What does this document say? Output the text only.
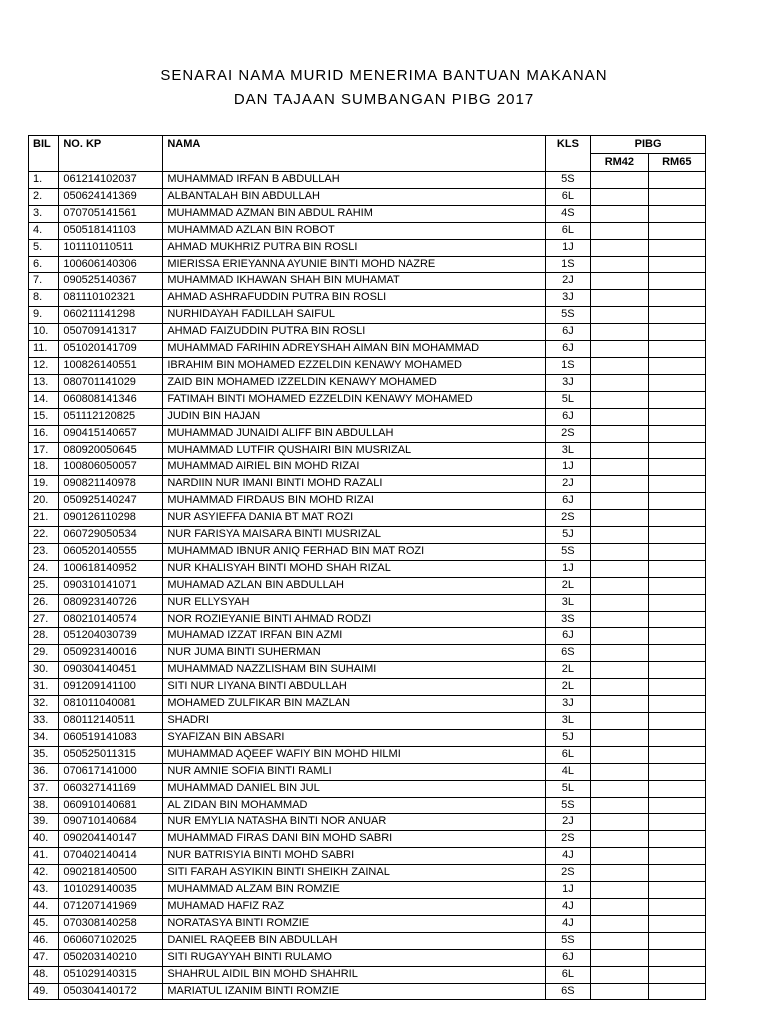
SENARAI NAMA MURID MENERIMA BANTUAN MAKANAN
DAN TAJAAN SUMBANGAN PIBG 2017
BIL	NO. KP	NAMA	KLS	PIBG	
				RM42	RM65
1.	061214102037	MUHAMMAD IRFAN B ABDULLAH	5S		
2.	050624141369	ALBANTALAH BIN ABDULLAH	6L		
3.	070705141561	MUHAMMAD AZMAN BIN ABDUL RAHIM	4S		
4.	050518141103	MUHAMMAD AZLAN BIN ROBOT	6L		
5.	101110110511	AHMAD MUKHRIZ PUTRA BIN ROSLI	1J		
6.	100606140306	MIERISSA ERIEYANNA AYUNIE BINTI MOHD NAZRE	1S		
7.	090525140367	MUHAMMAD IKHAWAN SHAH BIN MUHAMAT	2J		
8.	081110102321	AHMAD ASHRAFUDDIN PUTRA BIN ROSLI	3J		
9.	060211141298	NURHIDAYAH FADILLAH SAIFUL	5S		
10.	050709141317	AHMAD FAIZUDDIN PUTRA BIN ROSLI	6J		
11.	051020141709	MUHAMMAD FARIHIN ADREYSHAH AIMAN BIN MOHAMMAD	6J		
12.	100826140551	IBRAHIM BIN MOHAMED EZZELDIN KENAWY MOHAMED	1S		
13.	080701141029	ZAID BIN MOHAMED IZZELDIN KENAWY MOHAMED	3J		
14.	060808141346	FATIMAH BINTI MOHAMED EZZELDIN KENAWY MOHAMED	5L		
15.	051112120825	JUDIN BIN HAJAN	6J		
16.	090415140657	MUHAMMAD JUNAIDI ALIFF BIN ABDULLAH	2S		
17.	080920050645	MUHAMMAD LUTFIR QUSHAIRI BIN MUSRIZAL	3L		
18.	100806050057	MUHAMMAD AIRIEL BIN MOHD RIZAI	1J		
19.	090821140978	NARDIIN NUR IMANI BINTI MOHD RAZALI	2J		
20.	050925140247	MUHAMMAD FIRDAUS BIN MOHD RIZAI	6J		
21.	090126110298	NUR ASYIEFFA DANIA BT MAT ROZI	2S		
22.	060729050534	NUR FARISYA MAISARA BINTI MUSRIZAL	5J		
23.	060520140555	MUHAMMAD IBNUR ANIQ FERHAD BIN MAT ROZI	5S		
24.	100618140952	NUR KHALISYAH BINTI MOHD SHAH RIZAL	1J		
25.	090310141071	MUHAMAD AZLAN BIN ABDULLAH	2L		
26.	080923140726	NUR ELLYSYAH	3L		
27.	080210140574	NOR ROZIEYANIE BINTI AHMAD RODZI	3S		
28.	051204030739	MUHAMAD IZZAT IRFAN BIN AZMI	6J		
29.	050923140016	NUR JUMA BINTI SUHERMAN	6S		
30.	090304140451	MUHAMMAD NAZZLISHAM BIN SUHAIMI	2L		
31.	091209141100	SITI NUR LIYANA BINTI ABDULLAH	2L		
32.	081011040081	MOHAMED ZULFIKAR BIN MAZLAN	3J		
33.	080112140511	SHADRI	3L		
34.	060519141083	SYAFIZAN BIN ABSARI	5J		
35.	050525011315	MUHAMMAD AQEEF WAFIY BIN MOHD HILMI	6L		
36.	070617141000	NUR AMNIE SOFIA BINTI RAMLI	4L		
37.	060327141169	MUHAMMAD DANIEL BIN JUL	5L		
38.	060910140681	AL ZIDAN BIN MOHAMMAD	5S		
39.	090710140684	NUR EMYLIA NATASHA BINTI NOR ANUAR	2J		
40.	090204140147	MUHAMMAD FIRAS DANI BIN MOHD SABRI	2S		
41.	070402140414	NUR BATRISYIA BINTI MOHD SABRI	4J		
42.	090218140500	SITI FARAH ASYIKIN BINTI SHEIKH ZAINAL	2S		
43.	101029140035	MUHAMMAD ALZAM BIN ROMZIE	1J		
44.	071207141969	MUHAMAD HAFIZ RAZ	4J		
45.	070308140258	NORATASYA BINTI ROMZIE	4J		
46.	060607102025	DANIEL RAQEEB BIN ABDULLAH	5S		
47.	050203140210	SITI RUGAYYAH BINTI RULAMO	6J		
48.	051029140315	SHAHRUL AIDIL BIN MOHD SHAHRIL	6L		
49.	050304140172	MARIATUL IZANIM BINTI ROMZIE	6S		
